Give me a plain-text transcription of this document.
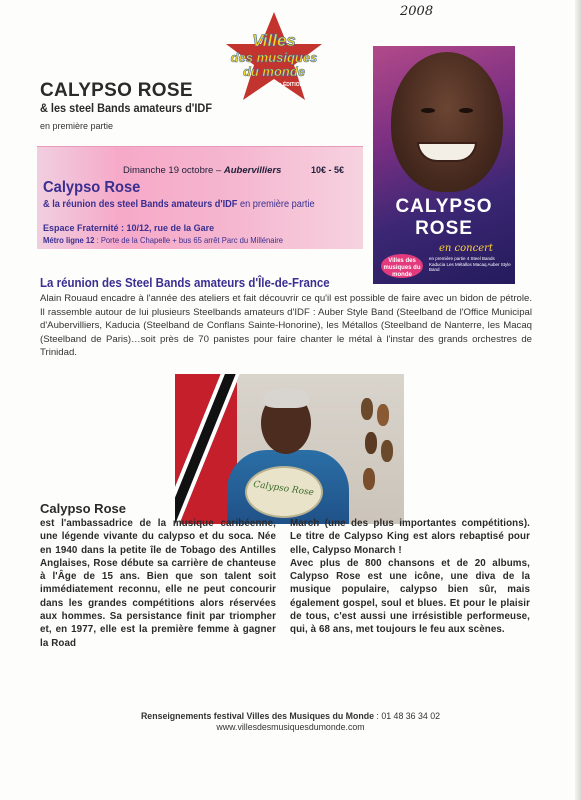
2008
Villes
des musiques
du monde
9ème ÉDITION
CALYPSO ROSE
& les steel Bands amateurs d'IDF
en première partie
CALYPSO
ROSE
en concert
Villes des musiques du monde
en première partie 4 Steel Bands Kaducia Les Métallos Macaq Auber Style Band
Dimanche 19 octobre – Aubervilliers	10€ - 5€
Calypso Rose
& la réunion des steel Bands amateurs d'IDF en première partie
Espace Fraternité : 10/12, rue de la Gare
Métro ligne 12 : Porte de la Chapelle + bus 65 arrêt Parc du Millénaire
La réunion des Steel Bands amateurs d'Île-de-France
Alain Rouaud encadre à l'année des ateliers et fait découvrir ce qu'il est possible de faire avec un bidon de pétrole. Il rassemble autour de lui plusieurs Steelbands amateurs d'IDF : Auber Style Band (Steelband de l'Office Municipal d'Aubervilliers, Kaducia (Steelband de Conflans Sainte-Honorine), les Métallos (Steelband de Nanterre, les Macaq (Steelband de Paris)…soit près de 70 panistes pour faire chanter le métal à l'instar des grands orchestres de Trinidad.
Calypso Rose
Calypso Rose

est l'ambassadrice de la musique caribéenne, une légende vivante du calypso et du soca. Née en 1940 dans la petite île de Tobago des Antilles Anglaises, Rose débute sa carrière de chanteuse à l'Âge de 15 ans. Bien que son talent soit immédiatement reconnu, elle ne peut concourir dans les grandes compétitions alors réservées aux hommes. Sa persistance finit par triompher et, en 1977, elle est la première femme à gagner la Road

March (une des plus importantes compétitions). Le titre de Calypso King est alors rebaptisé pour elle, Calypso Monarch !

Avec plus de 800 chansons et de 20 albums, Calypso Rose est une icône, une diva de la musique populaire, calypso bien sûr, mais également gospel, soul et blues. Et pour le plaisir de tous, c'est aussi une irrésistible performeuse, qui, à 68 ans, met toujours le feu aux scènes.

Renseignements festival Villes des Musiques du Monde : 01 48 36 34 02
www.villesdesmusiquesdumonde.com
